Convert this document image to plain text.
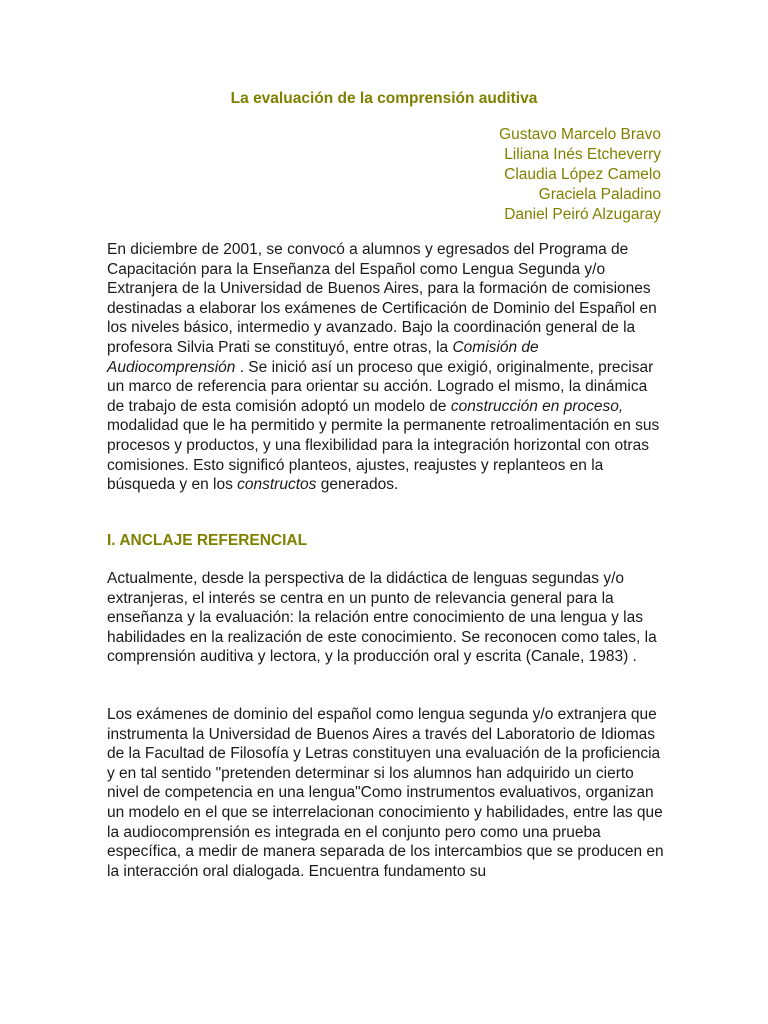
La evaluación de la comprensión auditiva
Gustavo Marcelo Bravo
Liliana Inés Etcheverry
Claudia López Camelo
Graciela Paladino
Daniel Peiró Alzugaray

En diciembre de 2001, se convocó a alumnos y egresados del Programa de Capacitación para la Enseñanza del Español como Lengua Segunda y/o Extranjera de la Universidad de Buenos Aires, para la formación de comisiones destinadas a elaborar los exámenes de Certificación de Dominio del Español en los niveles básico, intermedio y avanzado. Bajo la coordinación general de la profesora Silvia Prati se constituyó, entre otras, la Comisión de Audiocomprensión . Se inició así un proceso que exigió, originalmente, precisar un marco de referencia para orientar su acción. Logrado el mismo, la dinámica de trabajo de esta comisión adoptó un modelo de construcción en proceso, modalidad que le ha permitido y permite la permanente retroalimentación en sus procesos y productos, y una flexibilidad para la integración horizontal con otras comisiones. Esto significó planteos, ajustes, reajustes y replanteos en la búsqueda y en los constructos generados.

I. ANCLAJE REFERENCIAL

Actualmente, desde la perspectiva de la didáctica de lenguas segundas y/o extranjeras, el interés se centra en un punto de relevancia general para la enseñanza y la evaluación: la relación entre conocimiento de una lengua y las habilidades en la realización de este conocimiento. Se reconocen como tales, la comprensión auditiva y lectora, y la producción oral y escrita (Canale, 1983) .

Los exámenes de dominio del español como lengua segunda y/o extranjera que instrumenta la Universidad de Buenos Aires a través del Laboratorio de Idiomas de la Facultad de Filosofía y Letras constituyen una evaluación de la proficiencia y en tal sentido "pretenden determinar si los alumnos han adquirido un cierto nivel de competencia en una lengua"Como instrumentos evaluativos, organizan un modelo en el que se interrelacionan conocimiento y habilidades, entre las que la audiocomprensión es integrada en el conjunto pero como una prueba específica, a medir de manera separada de los intercambios que se producen en la interacción oral dialogada. Encuentra fundamento su
